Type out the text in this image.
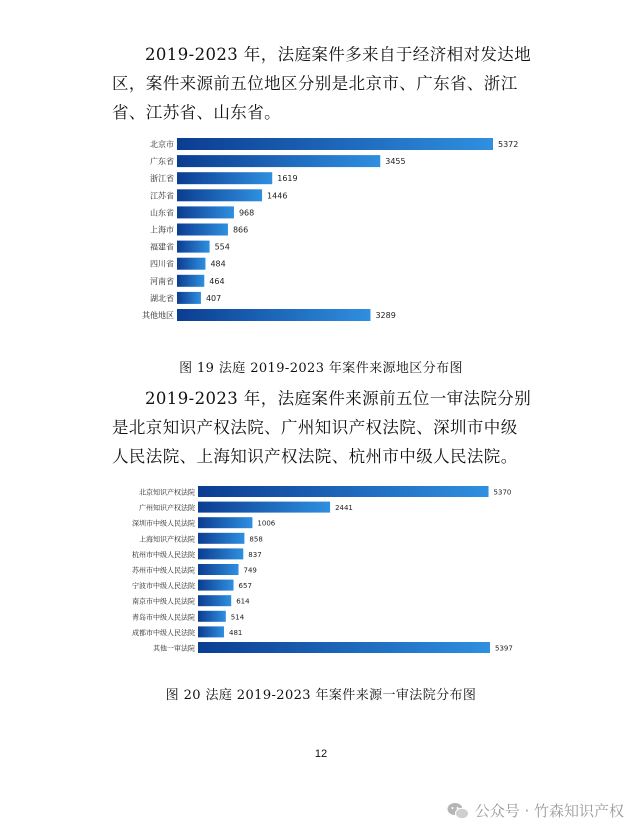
2019-2023 年，法庭案件多来自于经济相对发达地区，案件来源前五位地区分别是北京市、广东省、浙江省、江苏省、山东省。

北京市	5372
广东省	3455
浙江省	1619
江苏省	1446
山东省	968
上海市	866
福建省	554
四川省	484
河南省	464
湖北省	407
其他地区	3289
图 19 法庭 2019-2023 年案件来源地区分布图

2019-2023 年，法庭案件来源前五位一审法院分别是北京知识产权法院、广州知识产权法院、深圳市中级人民法院、上海知识产权法院、杭州市中级人民法院。

北京知识产权法院	5370
广州知识产权法院	2441
深圳市中级人民法院	1006
上海知识产权法院	858
杭州市中级人民法院	837
苏州市中级人民法院	749
宁波市中级人民法院	657
南京市中级人民法院	614
青岛市中级人民法院	514
成都市中级人民法院	481
其他一审法院	5397
图 20 法庭 2019-2023 年案件来源一审法院分布图
12
公众号 · 竹森知识产权
